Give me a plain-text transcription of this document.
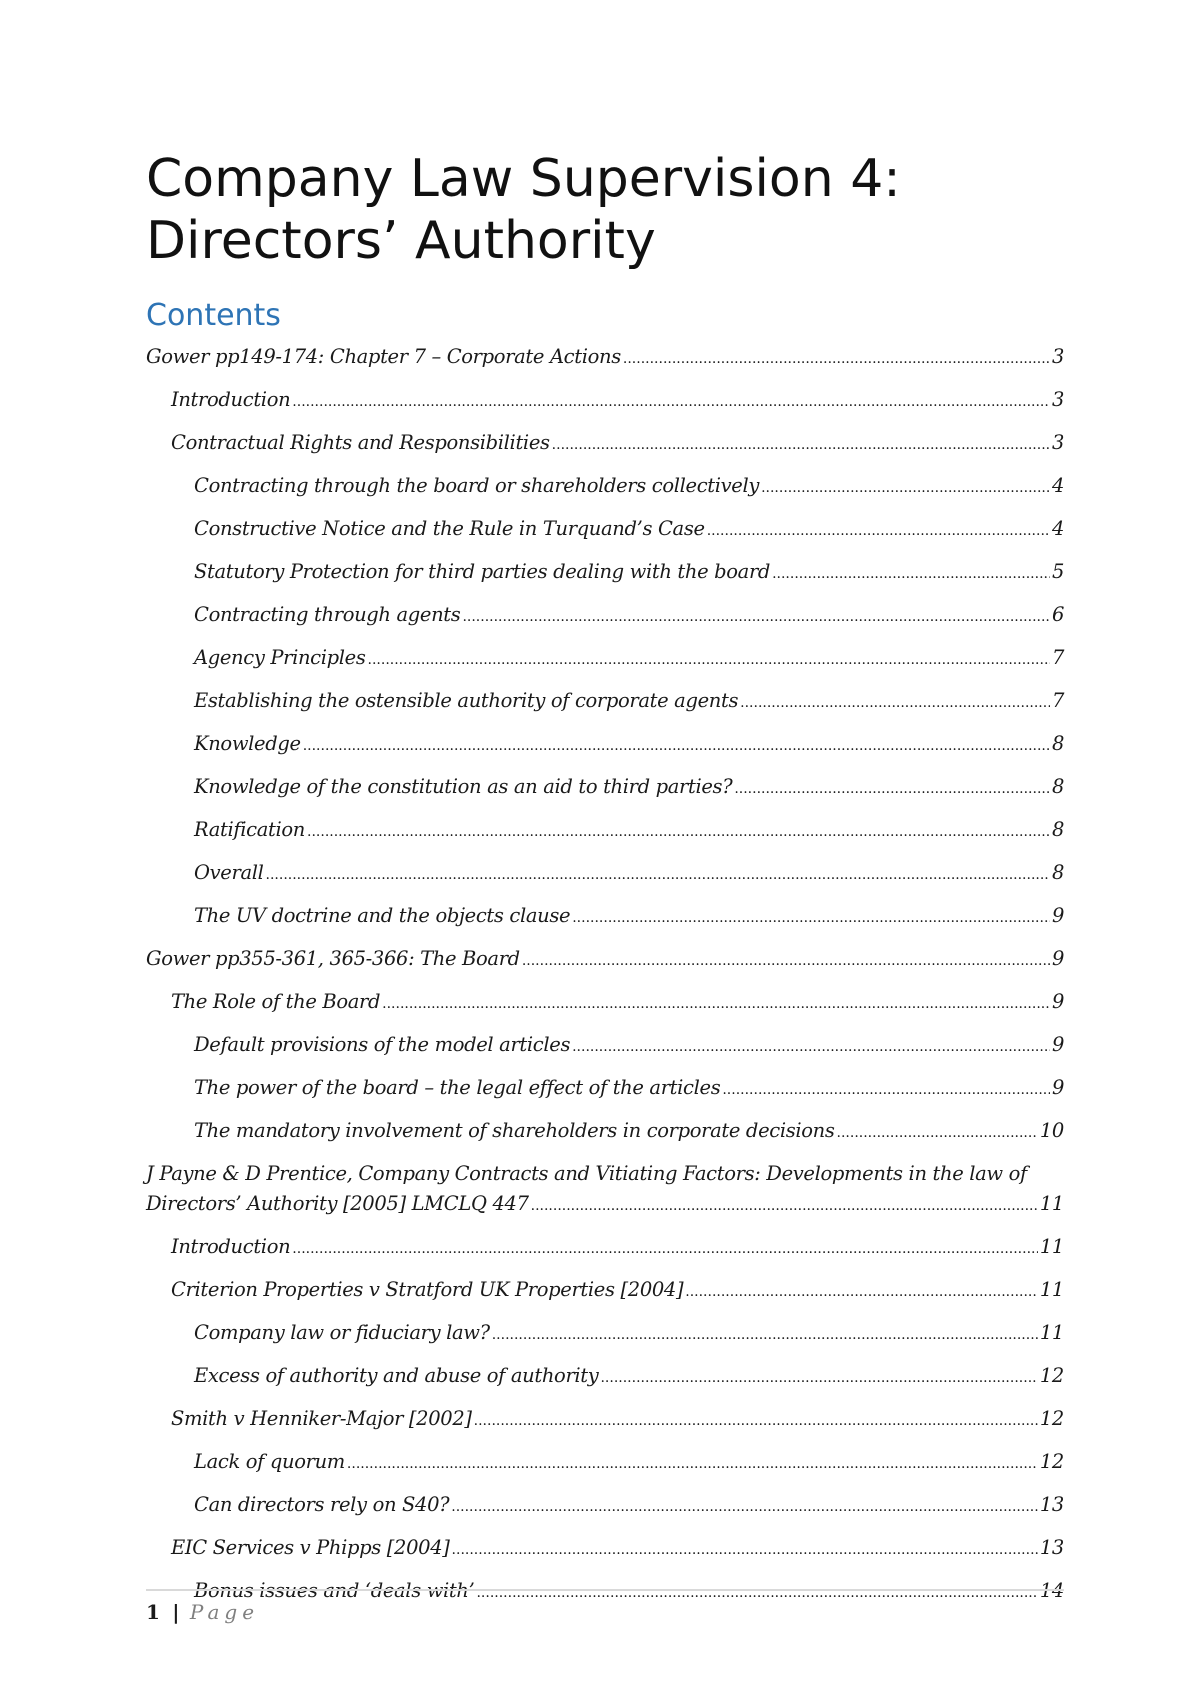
Company Law Supervision 4:
Directors’ Authority
Contents
Gower pp149-174: Chapter 7 – Corporate Actions .....	3
Introduction .....	3
Contractual Rights and Responsibilities .....	3
Contracting through the board or shareholders collectively .....	4
Constructive Notice and the Rule in Turquand’s Case .....	4
Statutory Protection for third parties dealing with the board .....	5
Contracting through agents .....	6
Agency Principles .....	7
Establishing the ostensible authority of corporate agents .....	7
Knowledge .....	8
Knowledge of the constitution as an aid to third parties? .....	8
Ratification .....	8
Overall .....	8
The UV doctrine and the objects clause .....	9
Gower pp355-361, 365-366: The Board .....	9
The Role of the Board .....	9
Default provisions of the model articles .....	9
The power of the board – the legal effect of the articles .....	9
The mandatory involvement of shareholders in corporate decisions .....	10
J Payne & D Prentice, Company Contracts and Vitiating Factors: Developments in the law of
Directors’ Authority [2005] LMCLQ 447 .....	11
Introduction .....	11
Criterion Properties v Stratford UK Properties [2004] .....	11
Company law or fiduciary law? .....	11
Excess of authority and abuse of authority .....	12
Smith v Henniker-Major [2002] .....	12
Lack of quorum .....	12
Can directors rely on S40? .....	13
EIC Services v Phipps [2004] .....	13
Bonus issues and ‘deals with’ .....	14
1 | Page
